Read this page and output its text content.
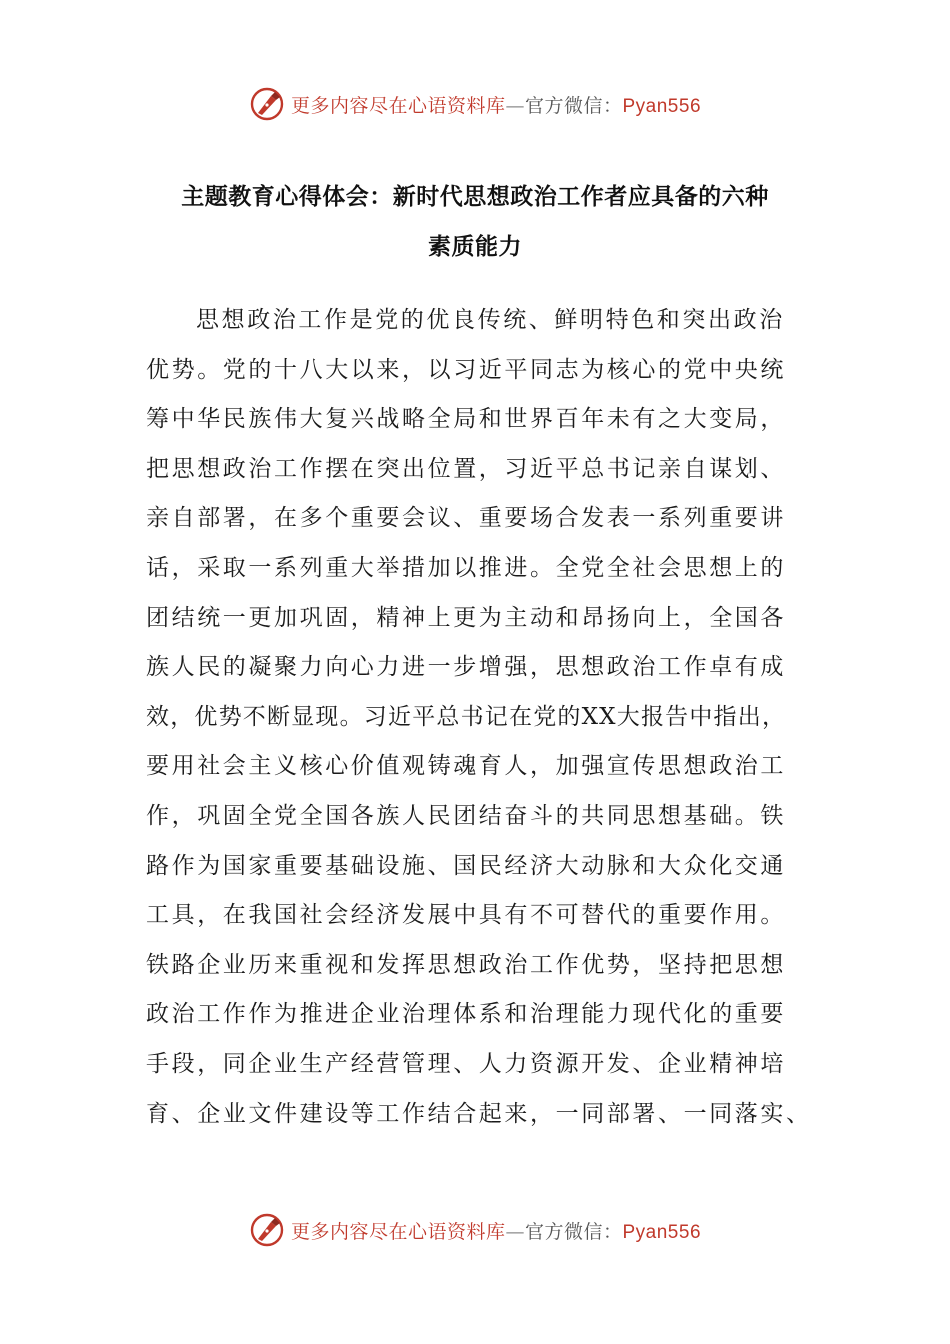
更多内容尽在心语资料库—官方微信：Pyan556
主题教育心得体会：新时代思想政治工作者应具备的六种
素质能力
思想政治工作是党的优良传统、鲜明特色和突出政治
优势。党的十八大以来，以习近平同志为核心的党中央统
筹中华民族伟大复兴战略全局和世界百年未有之大变局，
把思想政治工作摆在突出位置，习近平总书记亲自谋划、
亲自部署，在多个重要会议、重要场合发表一系列重要讲
话，采取一系列重大举措加以推进。全党全社会思想上的
团结统一更加巩固，精神上更为主动和昂扬向上，全国各
族人民的凝聚力向心力进一步增强，思想政治工作卓有成
效，优势不断显现。习近平总书记在党的XX大报告中指出，
要用社会主义核心价值观铸魂育人，加强宣传思想政治工
作，巩固全党全国各族人民团结奋斗的共同思想基础。铁
路作为国家重要基础设施、国民经济大动脉和大众化交通
工具，在我国社会经济发展中具有不可替代的重要作用。
铁路企业历来重视和发挥思想政治工作优势，坚持把思想
政治工作作为推进企业治理体系和治理能力现代化的重要
手段，同企业生产经营管理、人力资源开发、企业精神培
育、企业文件建设等工作结合起来，一同部署、一同落实、
更多内容尽在心语资料库—官方微信：Pyan556
